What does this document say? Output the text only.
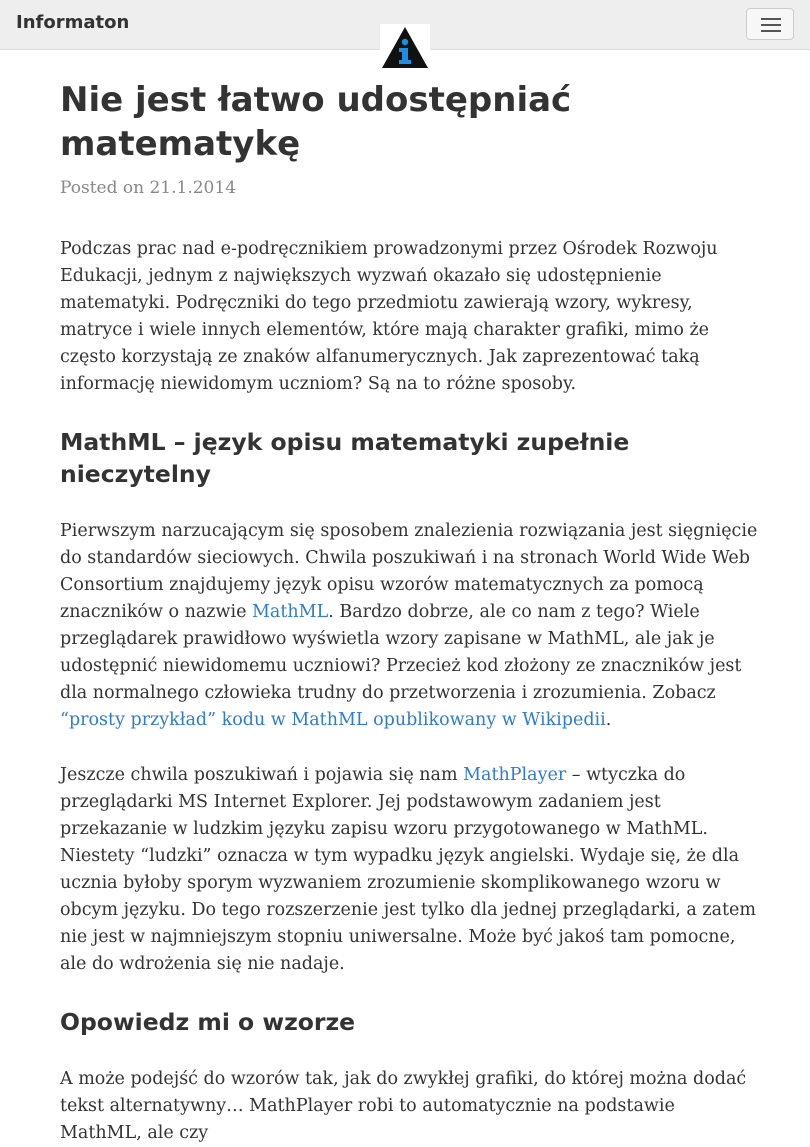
Informaton
Nie jest łatwo udostępniać matematykę
Posted on 21.1.2014

Podczas prac nad e-podręcznikiem prowadzonymi przez Ośrodek Rozwoju Edukacji, jednym z największych wyzwań okazało się udostępnienie matematyki. Podręczniki do tego przedmiotu zawierają wzory, wykresy, matryce i wiele innych elementów, które mają charakter grafiki, mimo że często korzystają ze znaków alfanumerycznych. Jak zaprezentować taką informację niewidomym uczniom? Są na to różne sposoby.

MathML – język opisu matematyki zupełnie nieczytelny

Pierwszym narzucającym się sposobem znalezienia rozwiązania jest sięgnięcie do standardów sieciowych. Chwila poszukiwań i na stronach World Wide Web Consortium znajdujemy język opisu wzorów matematycznych za pomocą znaczników o nazwie MathML. Bardzo dobrze, ale co nam z tego? Wiele przeglądarek prawidłowo wyświetla wzory zapisane w MathML, ale jak je udostępnić niewidomemu uczniowi? Przecież kod złożony ze znaczników jest dla normalnego człowieka trudny do przetworzenia i zrozumienia. Zobacz “prosty przykład” kodu w MathML opublikowany w Wikipedii.

Jeszcze chwila poszukiwań i pojawia się nam MathPlayer – wtyczka do przeglądarki MS Internet Explorer. Jej podstawowym zadaniem jest przekazanie w ludzkim języku zapisu wzoru przygotowanego w MathML. Niestety “ludzki” oznacza w tym wypadku język angielski. Wydaje się, że dla ucznia byłoby sporym wyzwaniem zrozumienie skomplikowanego wzoru w obcym języku. Do tego rozszerzenie jest tylko dla jednej przeglądarki, a zatem nie jest w najmniejszym stopniu uniwersalne. Może być jakoś tam pomocne, ale do wdrożenia się nie nadaje.

Opowiedz mi o wzorze

A może podejść do wzorów tak, jak do zwykłej grafiki, do której można dodać tekst alternatywny… MathPlayer robi to automatycznie na podstawie MathML, ale czy
